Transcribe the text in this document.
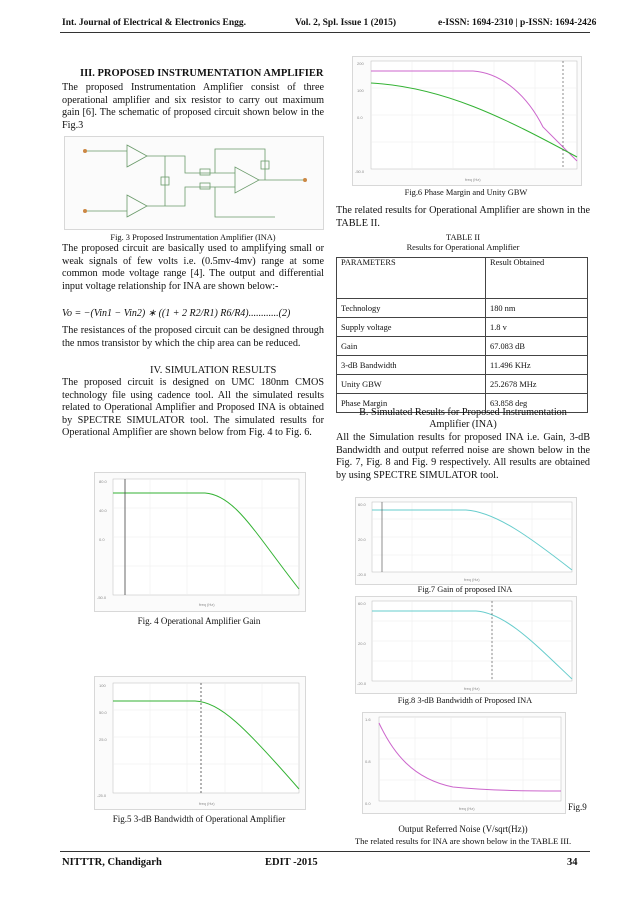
Int. Journal of Electrical & Electronics Engg.	Vol. 2, Spl. Issue 1 (2015)	e-ISSN: 1694-2310 | p-ISSN: 1694-2426
III. PROPOSED INSTRUMENTATION AMPLIFIER
The proposed Instrumentation Amplifier consist of three operational amplifier and six resistor to carry out maximum gain [6]. The schematic of proposed circuit shown below in the Fig.3
Fig. 3 Proposed Instrumentation Amplifier (INA)
The proposed circuit are basically used to amplifying small or weak signals of few volts i.e. (0.5mv-4mv) range at some common mode voltage range [4]. The output and differential input voltage relationship for INA are shown below:-
Vo = −(Vin1 − Vin2) ∗ ((1 + 2 R2/R1) R6/R4)............(2)
The resistances of the proposed circuit can be designed through the nmos transistor by which the chip area can be reduced.
IV. SIMULATION RESULTS
The proposed circuit is designed on UMC 180nm CMOS technology file using cadence tool. All the simulated results related to Operational Amplifier and Proposed INA is obtained by SPECTRE SIMULATOR tool. The simulated results for Operational Amplifier are shown below from Fig. 4 to Fig. 6.
80.0
40.0
0.0
-50.0
freq (Hz)
Fig. 4 Operational Amplifier Gain
100
50.0
25.0
-25.0
freq (Hz)
Fig.5 3-dB Bandwidth of Operational Amplifier
200
100
0.0
-50.0
freq (Hz)
Fig.6 Phase Margin and Unity GBW
The related results for Operational Amplifier are shown in the TABLE II.
TABLE II
Results for Operational Amplifier
PARAMETERS	Result Obtained
Technology	180 nm
Supply voltage	1.8 v
Gain	67.083 dB
3-dB Bandwidth	11.496 KHz
Unity GBW	25.2678 MHz
Phase Margin	63.858 deg
B. Simulated Results for Proposed Instrumentation
Amplifier (INA)
All the Simulation results for proposed INA i.e. Gain, 3-dB Bandwidth and output referred noise are shown below in the Fig. 7, Fig. 8 and Fig. 9 respectively. All results are obtained by using SPECTRE SIMULATOR tool.
60.0
20.0
-20.0
freq (Hz)
Fig.7 Gain of proposed INA
60.0
20.0
-20.0
freq (Hz)
Fig.8 3-dB Bandwidth of Proposed INA
1.6
0.8
0.0
freq (Hz)	Fig.9
Output Referred Noise (V/sqrt(Hz))
The related results for INA are shown below in the TABLE III.
NITTTR, Chandigarh	EDIT -2015	34
